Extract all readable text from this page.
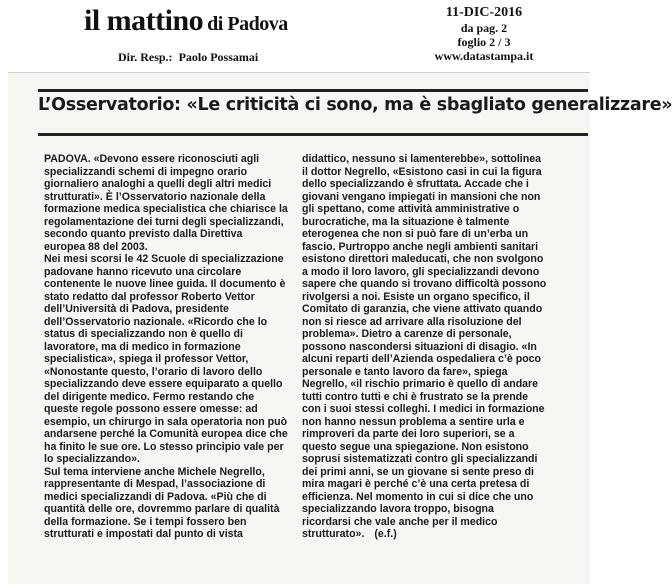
il mattino di Padova
Dir. Resp.: Paolo Possamai
11-DIC-2016
da pag. 2
foglio 2 / 3
www.datastampa.it
L’Osservatorio: «Le criticità ci sono, ma è sbagliato generalizzare»

PADOVA. «Devono essere riconosciuti agli

specializzandi schemi di impegno orario

giornaliero analoghi a quelli degli altri medici

strutturati». È l’Osservatorio nazionale della

formazione medica specialistica che chiarisce la

regolamentazione dei turni degli specializzandi,

secondo quanto previsto dalla Direttiva

europea 88 del 2003.

Nei mesi scorsi le 42 Scuole di specializzazione

padovane hanno ricevuto una circolare

contenente le nuove linee guida. Il documento è

stato redatto dal professor Roberto Vettor

dell’Università di Padova, presidente

dell’Osservatorio nazionale. «Ricordo che lo

status di specializzando non è quello di

lavoratore, ma di medico in formazione

specialistica», spiega il professor Vettor,

«Nonostante questo, l’orario di lavoro dello

specializzando deve essere equiparato a quello

del dirigente medico. Fermo restando che

queste regole possono essere omesse: ad

esempio, un chirurgo in sala operatoria non può

andarsene perché la Comunità europea dice che

ha finito le sue ore. Lo stesso principio vale per

lo specializzando».

Sul tema interviene anche Michele Negrello,

rappresentante di Mespad, l’associazione di

medici specializzandi di Padova. «Più che di

quantità delle ore, dovremmo parlare di qualità

della formazione. Se i tempi fossero ben

strutturati e impostati dal punto di vista

didattico, nessuno si lamenterebbe», sottolinea

il dottor Negrello, «Esistono casi in cui la figura

dello specializzando è sfruttata. Accade che i

giovani vengano impiegati in mansioni che non

gli spettano, come attività amministrative o

burocratiche, ma la situazione è talmente

eterogenea che non si può fare di un’erba un

fascio. Purtroppo anche negli ambienti sanitari

esistono direttori maleducati, che non svolgono

a modo il loro lavoro, gli specializzandi devono

sapere che quando si trovano difficoltà possono

rivolgersi a noi. Esiste un organo specifico, il

Comitato di garanzia, che viene attivato quando

non si riesce ad arrivare alla risoluzione del

problema». Dietro a carenze di personale,

possono nascondersi situazioni di disagio. «In

alcuni reparti dell’Azienda ospedaliera c’è poco

personale e tanto lavoro da fare», spiega

Negrello, «il rischio primario è quello di andare

tutti contro tutti e chi è frustrato se la prende

con i suoi stessi colleghi. I medici in formazione

non hanno nessun problema a sentire urla e

rimproveri da parte dei loro superiori, se a

questo segue una spiegazione. Non esistono

soprusi sistematizzati contro gli specializzandi

dei primi anni, se un giovane si sente preso di

mira magari è perché c’è una certa pretesa di

efficienza. Nel momento in cui si dice che uno

specializzando lavora troppo, bisogna

ricordarsi che vale anche per il medico

strutturato». (e.f.)
